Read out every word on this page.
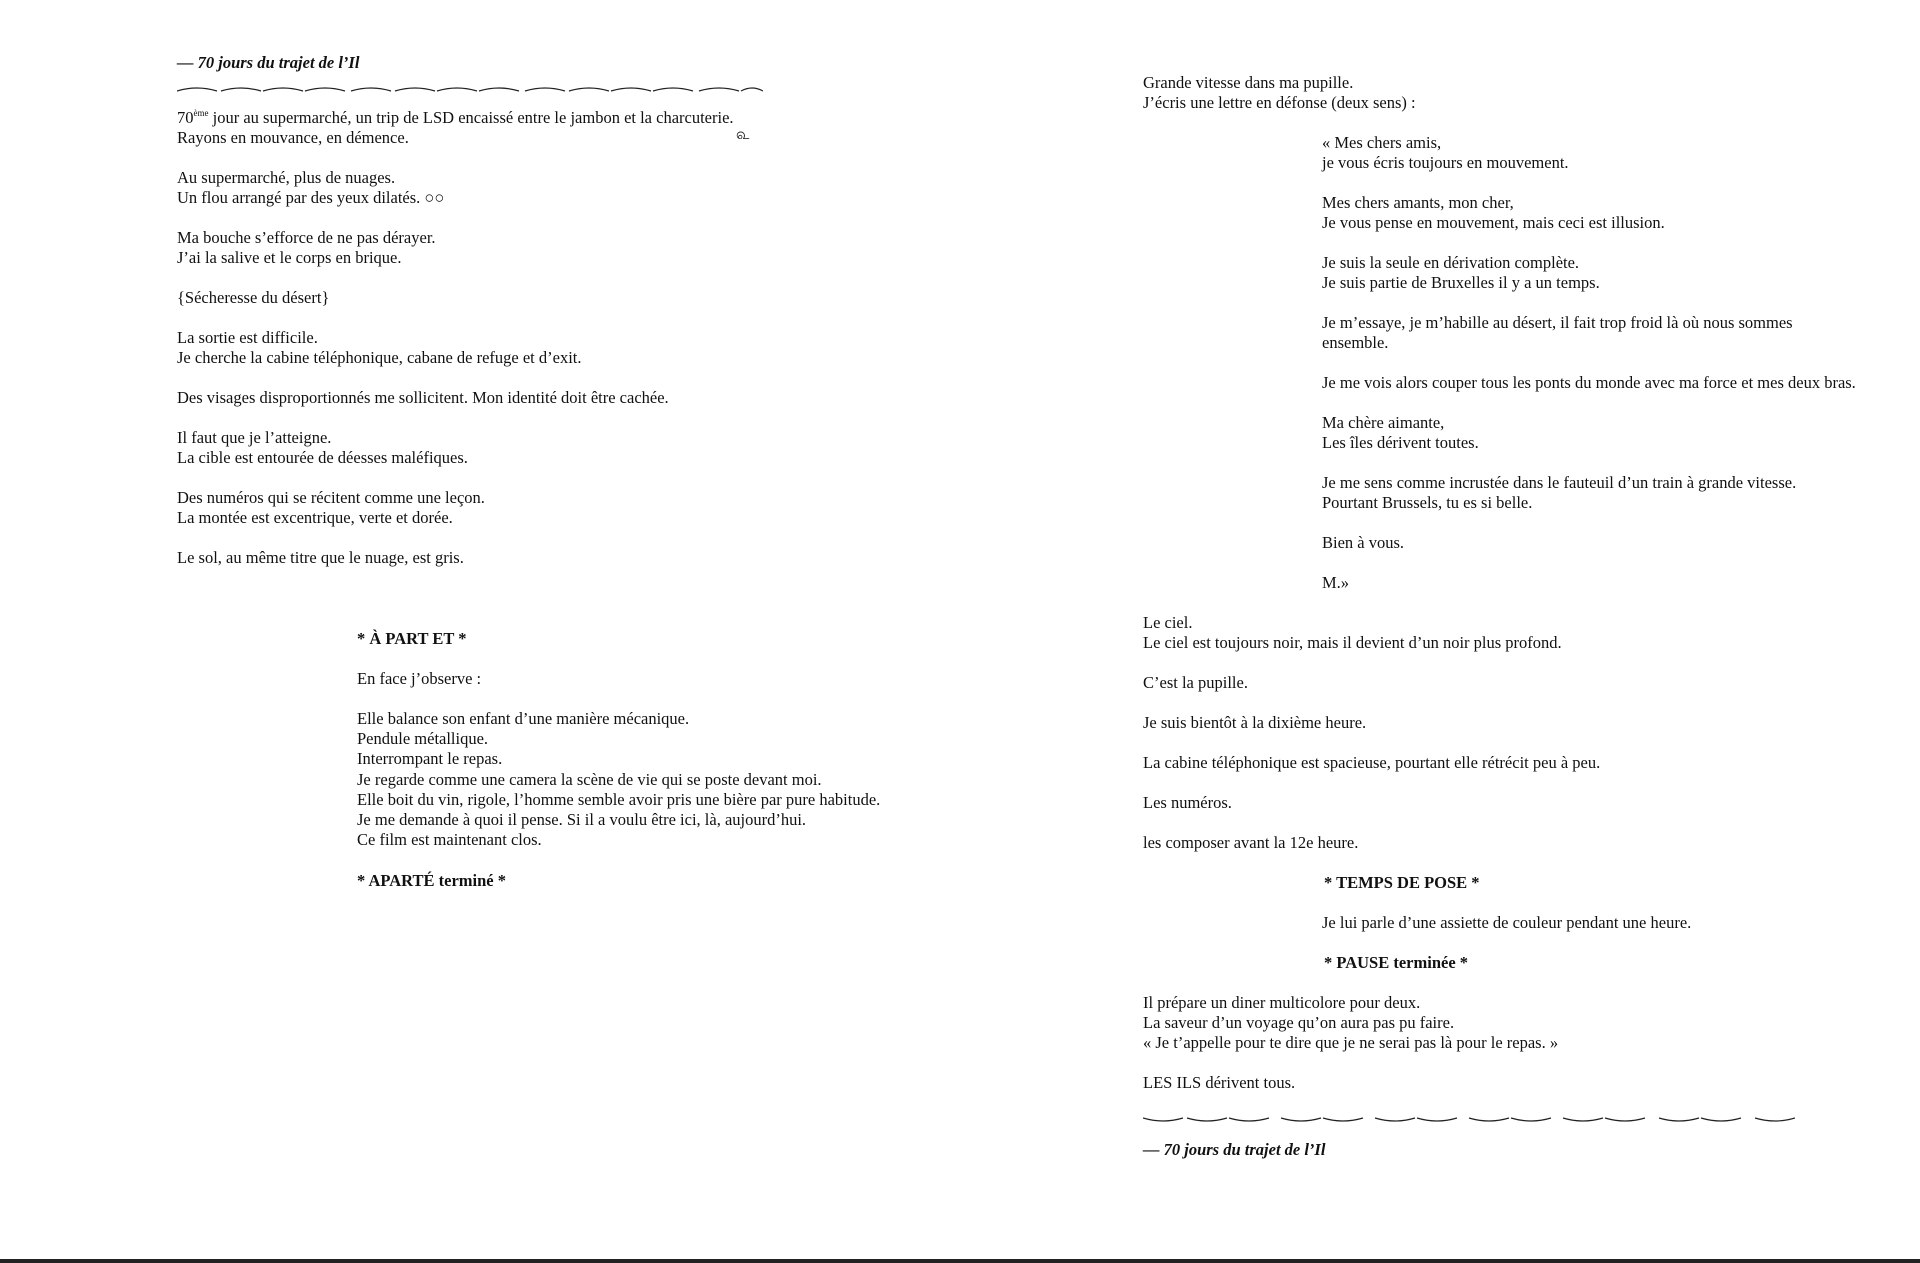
— 70 jours du trajet de l’Il
70ème jour au supermarché, un trip de LSD encaissé entre le jambon et la charcuterie.
Rayons en mouvance, en démence.	௳
Au supermarché, plus de nuages.
Un flou arrangé par des yeux dilatés. ○○
Ma bouche s’efforce de ne pas dérayer.
J’ai la salive et le corps en brique.
{Sécheresse du désert}
La sortie est difficile.
Je cherche la cabine téléphonique, cabane de refuge et d’exit.
Des visages disproportionnés me sollicitent. Mon identité doit être cachée.
Il faut que je l’atteigne.
La cible est entourée de déesses maléfiques.
Des numéros qui se récitent comme une leçon.
La montée est excentrique, verte et dorée.
Le sol, au même titre que le nuage, est gris.
* À PART ET *
En face j’observe :
Elle balance son enfant d’une manière mécanique.
Pendule métallique.
Interrompant le repas.
Je regarde comme une camera la scène de vie qui se poste devant moi.
Elle boit du vin, rigole, l’homme semble avoir pris une bière par pure habitude.
Je me demande à quoi il pense. Si il a voulu être ici, là, aujourd’hui.
Ce film est maintenant clos.
* APARTÉ terminé *
Grande vitesse dans ma pupille.
J’écris une lettre en défonse (deux sens) :
« Mes chers amis,
je vous écris toujours en mouvement.
Mes chers amants, mon cher,
Je vous pense en mouvement, mais ceci est illusion.
Je suis la seule en dérivation complète.
Je suis partie de Bruxelles il y a un temps.
Je m’essaye, je m’habille au désert, il fait trop froid là où nous sommes
ensemble.
Je me vois alors couper tous les ponts du monde avec ma force et mes deux bras.
Ma chère aimante,
Les îles dérivent toutes.
Je me sens comme incrustée dans le fauteuil d’un train à grande vitesse.
Pourtant Brussels, tu es si belle.
Bien à vous.
M.»
Le ciel.
Le ciel est toujours noir, mais il devient d’un noir plus profond.
C’est la pupille.
Je suis bientôt à la dixième heure.
La cabine téléphonique est spacieuse, pourtant elle rétrécit peu à peu.
Les numéros.
les composer avant la 12e heure.
* TEMPS DE POSE *
Je lui parle d’une assiette de couleur pendant une heure.
* PAUSE terminée *
Il prépare un diner multicolore pour deux.
La saveur d’un voyage qu’on aura pas pu faire.
« Je t’appelle pour te dire que je ne serai pas là pour le repas. »
LES ILS dérivent tous.
— 70 jours du trajet de l’Il
